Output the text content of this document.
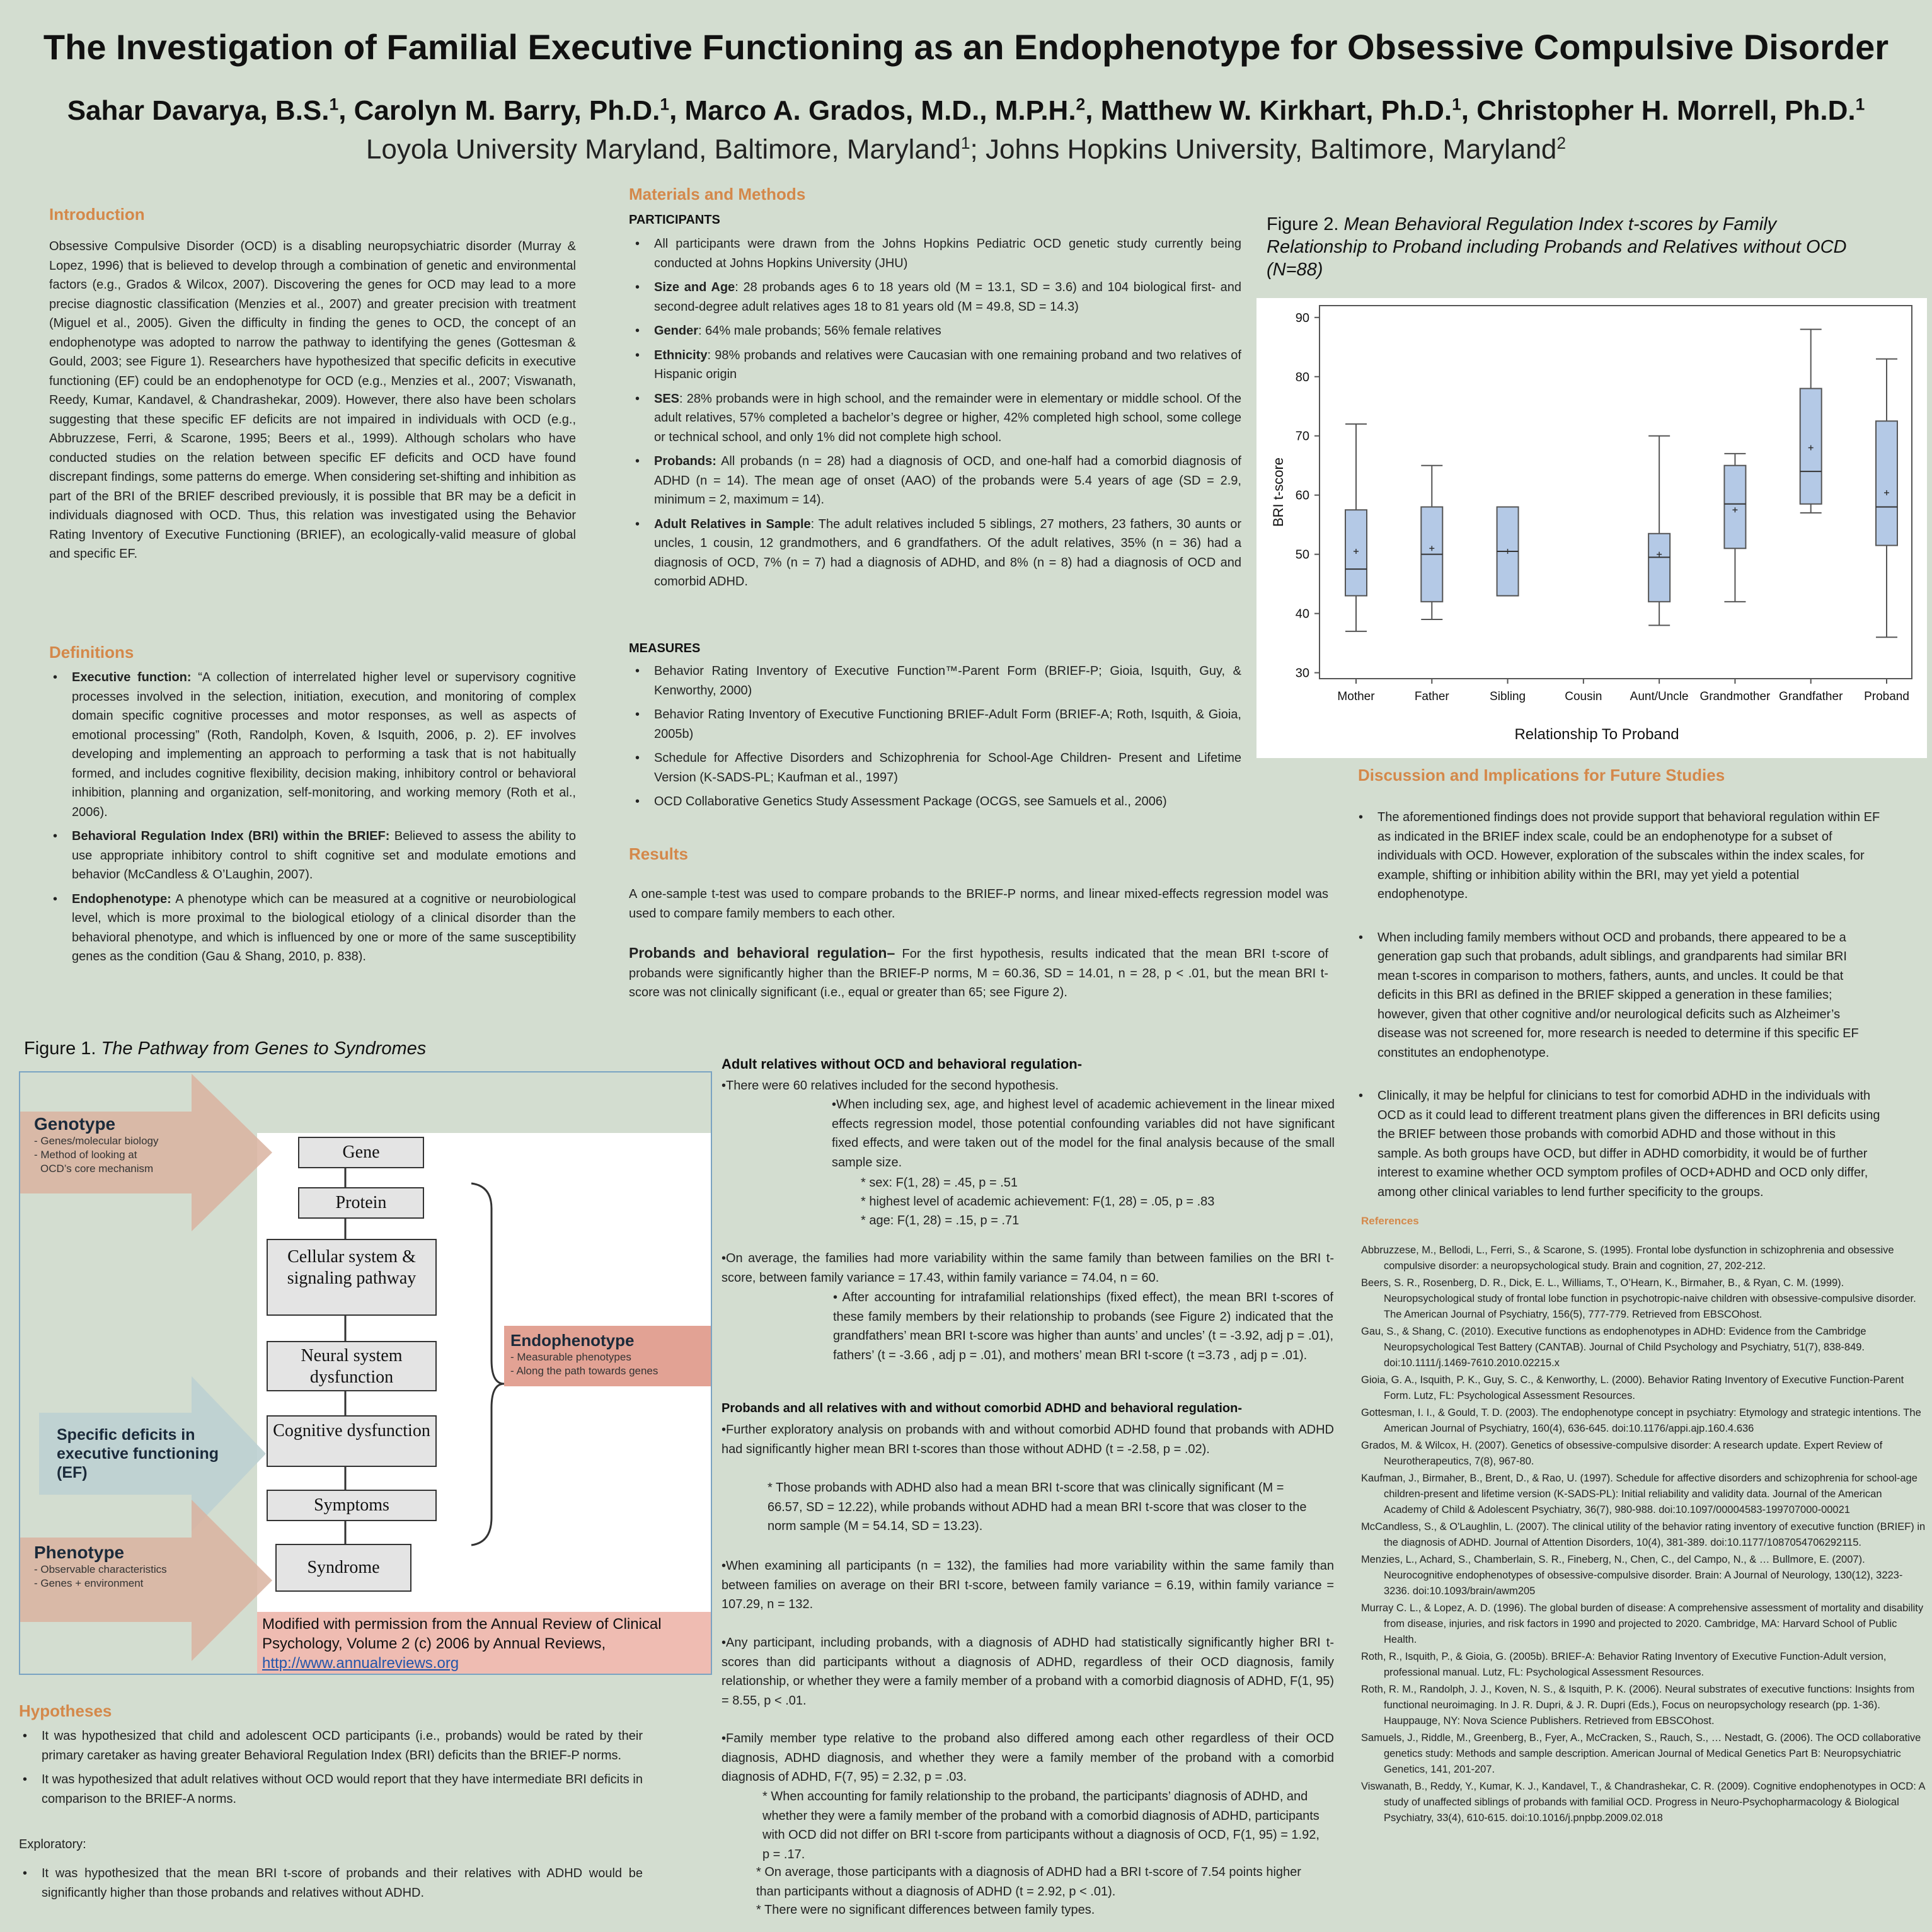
The Investigation of Familial Executive Functioning as an Endophenotype for Obsessive Compulsive Disorder
Sahar Davarya, B.S.$^1$, Carolyn M. Barry, Ph.D.$^1$, Marco A. Grados, M.D., M.P.H.$^2$, Matthew W. Kirkhart, Ph.D.$^1$, Christopher H. Morrell, Ph.D.$^1$
Loyola University Maryland, Baltimore, Maryland$^1$; Johns Hopkins University, Baltimore, Maryland$^2$
Introduction
Obsessive Compulsive Disorder (OCD) is a disabling neuropsychiatric disorder (Murray & Lopez, 1996) that is believed to develop through a combination of genetic and environmental factors (e.g., Grados & Wilcox, 2007). Discovering the genes for OCD may lead to a more precise diagnostic classification (Menzies et al., 2007) and greater precision with treatment (Miguel et al., 2005). Given the difficulty in finding the genes to OCD, the concept of an endophenotype was adopted to narrow the pathway to identifying the genes (Gottesman & Gould, 2003; see Figure 1). Researchers have hypothesized that specific deficits in executive functioning (EF) could be an endophenotype for OCD (e.g., Menzies et al., 2007; Viswanath, Reedy, Kumar, Kandavel, & Chandrashekar, 2009). However, there also have been scholars suggesting that these specific EF deficits are not impaired in individuals with OCD (e.g., Abbruzzese, Ferri, & Scarone, 1995; Beers et al., 1999). Although scholars who have conducted studies on the relation between specific EF deficits and OCD have found discrepant findings, some patterns do emerge. When considering set-shifting and inhibition as part of the BRI of the BRIEF described previously, it is possible that BR may be a deficit in individuals diagnosed with OCD. Thus, this relation was investigated using the Behavior Rating Inventory of Executive Functioning (BRIEF), an ecologically-valid measure of global and specific EF.
Definitions
• Executive function: “A collection of interrelated higher level or supervisory cognitive processes involved in the selection, initiation, execution, and monitoring of complex domain specific cognitive processes and motor responses, as well as aspects of emotional processing” (Roth, Randolph, Koven, & Isquith, 2006, p. 2). EF involves developing and implementing an approach to performing a task that is not habitually formed, and includes cognitive flexibility, decision making, inhibitory control or behavioral inhibition, planning and organization, self-monitoring, and working memory (Roth et al., 2006).
• Behavioral Regulation Index (BRI) within the BRIEF: Believed to assess the ability to use appropriate inhibitory control to shift cognitive set and modulate emotions and behavior (McCandless & O’Laughin, 2007).
• Endophenotype: A phenotype which can be measured at a cognitive or neurobiological level, which is more proximal to the biological etiology of a clinical disorder than the behavioral phenotype, and which is influenced by one or more of the same susceptibility genes as the condition (Gau & Shang, 2010, p. 838).
Figure 1. The Pathway from Genes to Syndromes
Genotype
- Genes/molecular biology
- Method of looking at
OCD’s core mechanism
Specific deficits in executive functioning (EF)
Phenotype
- Observable characteristics
- Genes + environment
Gene
Protein
Cellular system & signaling pathway
Neural system dysfunction
Cognitive dysfunction
Symptoms
Syndrome
Endophenotype
- Measurable phenotypes
- Along the path towards genes
Modified with permission from the Annual Review of Clinical Psychology, Volume 2 (c) 2006 by Annual Reviews,
http://www.annualreviews.org
Hypotheses
• It was hypothesized that child and adolescent OCD participants (i.e., probands) would be rated by their primary caretaker as having greater Behavioral Regulation Index (BRI) deficits than the BRIEF-P norms.
• It was hypothesized that adult relatives without OCD would report that they have intermediate BRI deficits in comparison to the BRIEF-A norms.
Exploratory:
• It was hypothesized that the mean BRI t-score of probands and their relatives with ADHD would be significantly higher than those probands and relatives without ADHD.
Materials and Methods
PARTICIPANTS
• All participants were drawn from the Johns Hopkins Pediatric OCD genetic study currently being conducted at Johns Hopkins University (JHU)
• Size and Age: 28 probands ages 6 to 18 years old (M = 13.1, SD = 3.6) and 104 biological first- and second-degree adult relatives ages 18 to 81 years old (M = 49.8, SD = 14.3)
• Gender: 64% male probands; 56% female relatives
• Ethnicity: 98% probands and relatives were Caucasian with one remaining proband and two relatives of Hispanic origin
• SES: 28% probands were in high school, and the remainder were in elementary or middle school. Of the adult relatives, 57% completed a bachelor’s degree or higher, 42% completed high school, some college or technical school, and only 1% did not complete high school.
• Probands: All probands (n = 28) had a diagnosis of OCD, and one-half had a comorbid diagnosis of ADHD (n = 14). The mean age of onset (AAO) of the probands were 5.4 years of age (SD = 2.9, minimum = 2, maximum = 14).
• Adult Relatives in Sample: The adult relatives included 5 siblings, 27 mothers, 23 fathers, 30 aunts or uncles, 1 cousin, 12 grandmothers, and 6 grandfathers. Of the adult relatives, 35% (n = 36) had a diagnosis of OCD, 7% (n = 7) had a diagnosis of ADHD, and 8% (n = 8) had a diagnosis of OCD and comorbid ADHD.
MEASURES
• Behavior Rating Inventory of Executive Function™-Parent Form (BRIEF-P; Gioia, Isquith, Guy, & Kenworthy, 2000)
• Behavior Rating Inventory of Executive Functioning BRIEF-Adult Form (BRIEF-A; Roth, Isquith, & Gioia, 2005b)
• Schedule for Affective Disorders and Schizophrenia for School-Age Children- Present and Lifetime Version (K-SADS-PL; Kaufman et al., 1997)
• OCD Collaborative Genetics Study Assessment Package (OCGS, see Samuels et al., 2006)
Results
A one-sample t-test was used to compare probands to the BRIEF-P norms, and linear mixed-effects regression model was used to compare family members to each other.
Probands and behavioral regulation– For the first hypothesis, results indicated that the mean BRI t-score of probands were significantly higher than the BRIEF-P norms, M = 60.36, SD = 14.01, n = 28, p < .01, but the mean BRI t-score was not clinically significant (i.e., equal or greater than 65; see Figure 2).
Adult relatives without OCD and behavioral regulation-
•There were 60 relatives included for the second hypothesis.
•When including sex, age, and highest level of academic achievement in the linear mixed effects regression model, those potential confounding variables did not have significant fixed effects, and were taken out of the model for the final analysis because of the small sample size.
* sex: F(1, 28) = .45, p = .51
* highest level of academic achievement: F(1, 28) = .05, p = .83
* age: F(1, 28) = .15, p = .71
•On average, the families had more variability within the same family than between families on the BRI t-score, between family variance = 17.43, within family variance = 74.04, n = 60.
• After accounting for intrafamilial relationships (fixed effect), the mean BRI t-scores of these family members by their relationship to probands (see Figure 2) indicated that the grandfathers’ mean BRI t-score was higher than aunts’ and uncles’ (t = -3.92, adj p = .01), fathers’ (t = -3.66 , adj p = .01), and mothers’ mean BRI t-score (t =3.73 , adj p = .01).
Probands and all relatives with and without comorbid ADHD and behavioral regulation-
•Further exploratory analysis on probands with and without comorbid ADHD found that probands with ADHD had significantly higher mean BRI t-scores than those without ADHD (t = -2.58, p = .02).
* Those probands with ADHD also had a mean BRI t-score that was clinically significant (M = 66.57, SD = 12.22), while probands without ADHD had a mean BRI t-score that was closer to the norm sample (M = 54.14, SD = 13.23).
•When examining all participants (n = 132), the families had more variability within the same family than between families on average on their BRI t-score, between family variance = 6.19, within family variance = 107.29, n = 132.
•Any participant, including probands, with a diagnosis of ADHD had statistically significantly higher BRI t-scores than did participants without a diagnosis of ADHD, regardless of their OCD diagnosis, family relationship, or whether they were a family member of a proband with a comorbid diagnosis of ADHD, F(1, 95) = 8.55, p < .01.
•Family member type relative to the proband also differed among each other regardless of their OCD diagnosis, ADHD diagnosis, and whether they were a family member of the proband with a comorbid diagnosis of ADHD, F(7, 95) = 2.32, p = .03.
* When accounting for family relationship to the proband, the participants’ diagnosis of ADHD, and whether they were a family member of the proband with a comorbid diagnosis of ADHD, participants with OCD did not differ on BRI t-score from participants without a diagnosis of OCD, F(1, 95) = 1.92, p = .17.
* On average, those participants with a diagnosis of ADHD had a BRI t-score of 7.54 points higher than participants without a diagnosis of ADHD (t = 2.92, p < .01).
* There were no significant differences between family types.
Figure 2. Mean Behavioral Regulation Index t-scores by Family Relationship to Proband including Probands and Relatives without OCD (N=88)
30
40
50
60
70
80
90
Mother	Father	Sibling	Cousin Aunt/Uncle Grandmother Grandfather Proband
BRI t-score
Relationship To Proband
Discussion and Implications for Future Studies
• The aforementioned findings does not provide support that behavioral regulation within EF as indicated in the BRIEF index scale, could be an endophenotype for a subset of individuals with OCD. However, exploration of the subscales within the index scales, for example, shifting or inhibition ability within the BRI, may yet yield a potential endophenotype.
• When including family members without OCD and probands, there appeared to be a generation gap such that probands, adult siblings, and grandparents had similar BRI mean t-scores in comparison to mothers, fathers, aunts, and uncles. It could be that deficits in this BRI as defined in the BRIEF skipped a generation in these families; however, given that other cognitive and/or neurological deficits such as Alzheimer’s disease was not screened for, more research is needed to determine if this specific EF constitutes an endophenotype.
• Clinically, it may be helpful for clinicians to test for comorbid ADHD in the individuals with OCD as it could lead to different treatment plans given the differences in BRI deficits using the BRIEF between those probands with comorbid ADHD and those without in this sample. As both groups have OCD, but differ in ADHD comorbidity, it would be of further interest to examine whether OCD symptom profiles of OCD+ADHD and OCD only differ, among other clinical variables to lend further specificity to the groups.
References

Abbruzzese, M., Bellodi, L., Ferri, S., & Scarone, S. (1995). Frontal lobe dysfunction in schizophrenia and obsessive compulsive disorder: a neuropsychological study. Brain and cognition, 27, 202-212.

Beers, S. R., Rosenberg, D. R., Dick, E. L., Williams, T., O’Hearn, K., Birmaher, B., & Ryan, C. M. (1999). Neuropsychological study of frontal lobe function in psychotropic-naive children with obsessive-compulsive disorder. The American Journal of Psychiatry, 156(5), 777-779. Retrieved from EBSCOhost.

Gau, S., & Shang, C. (2010). Executive functions as endophenotypes in ADHD: Evidence from the Cambridge Neuropsychological Test Battery (CANTAB). Journal of Child Psychology and Psychiatry, 51(7), 838-849. doi:10.1111/j.1469-7610.2010.02215.x

Gioia, G. A., Isquith, P. K., Guy, S. C., & Kenworthy, L. (2000). Behavior Rating Inventory of Executive Function-Parent Form. Lutz, FL: Psychological Assessment Resources.

Gottesman, I. I., & Gould, T. D. (2003). The endophenotype concept in psychiatry: Etymology and strategic intentions. The American Journal of Psychiatry, 160(4), 636-645. doi:10.1176/appi.ajp.160.4.636

Grados, M. & Wilcox, H. (2007). Genetics of obsessive-compulsive disorder: A research update. Expert Review of Neurotherapeutics, 7(8), 967-80.

Kaufman, J., Birmaher, B., Brent, D., & Rao, U. (1997). Schedule for affective disorders and schizophrenia for school-age children-present and lifetime version (K-SADS-PL): Initial reliability and validity data. Journal of the American Academy of Child & Adolescent Psychiatry, 36(7), 980-988. doi:10.1097/00004583-199707000-00021

McCandless, S., & O'Laughlin, L. (2007). The clinical utility of the behavior rating inventory of executive function (BRIEF) in the diagnosis of ADHD. Journal of Attention Disorders, 10(4), 381-389. doi:10.1177/1087054706292115.

Menzies, L., Achard, S., Chamberlain, S. R., Fineberg, N., Chen, C., del Campo, N., & … Bullmore, E. (2007). Neurocognitive endophenotypes of obsessive-compulsive disorder. Brain: A Journal of Neurology, 130(12), 3223-3236. doi:10.1093/brain/awm205

Murray C. L., & Lopez, A. D. (1996). The global burden of disease: A comprehensive assessment of mortality and disability from disease, injuries, and risk factors in 1990 and projected to 2020. Cambridge, MA: Harvard School of Public Health.

Roth, R., Isquith, P., & Gioia, G. (2005b). BRIEF-A: Behavior Rating Inventory of Executive Function-Adult version, professional manual. Lutz, FL: Psychological Assessment Resources.

Roth, R. M., Randolph, J. J., Koven, N. S., & Isquith, P. K. (2006). Neural substrates of executive functions: Insights from functional neuroimaging. In J. R. Dupri, & J. R. Dupri (Eds.), Focus on neuropsychology research (pp. 1-36). Hauppauge, NY: Nova Science Publishers. Retrieved from EBSCOhost.

Samuels, J., Riddle, M., Greenberg, B., Fyer, A., McCracken, S., Rauch, S., … Nestadt, G. (2006). The OCD collaborative genetics study: Methods and sample description. American Journal of Medical Genetics Part B: Neuropsychiatric Genetics, 141, 201-207.

Viswanath, B., Reddy, Y., Kumar, K. J., Kandavel, T., & Chandrashekar, C. R. (2009). Cognitive endophenotypes in OCD: A study of unaffected siblings of probands with familial OCD. Progress in Neuro-Psychopharmacology & Biological Psychiatry, 33(4), 610-615. doi:10.1016/j.pnpbp.2009.02.018
